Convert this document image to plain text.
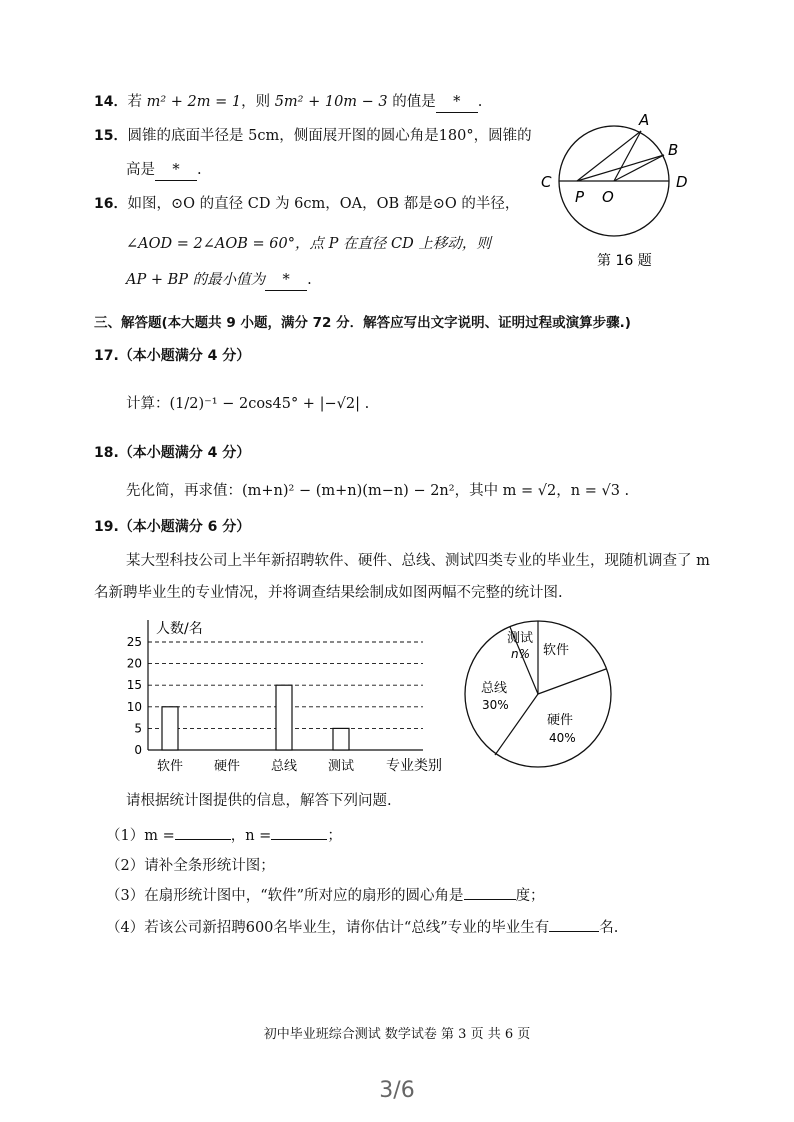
14．若 m² + 2m = 1，则 5m² + 10m − 3 的值是 * .
15．圆锥的底面半径是 5cm，侧面展开图的圆心角是180°，圆锥的
高是 * .
16．如图，⊙O 的直径 CD 为 6cm，OA，OB 都是⊙O 的半径，
∠AOD = 2∠AOB = 60°，点 P 在直径 CD 上移动，则
AP + BP 的最小值为 * .
A
B
C	D
P O
第 16 题
三、解答题(本大题共 9 小题，满分 72 分．解答应写出文字说明、证明过程或演算步骤.)
17.（本小题满分 4 分）
计算：(1/2)⁻¹ − 2cos45° + |−√2| .
18.（本小题满分 4 分）
先化简，再求值：(m+n)² − (m+n)(m−n) − 2n²，其中 m = √2，n = √3 .
19.（本小题满分 6 分）
某大型科技公司上半年新招聘软件、硬件、总线、测试四类专业的毕业生，现随机调查了 m
名新聘毕业生的专业情况，并将调查结果绘制成如图两幅不完整的统计图.
0
5
10
15
20
25
软件 硬件 总线 测试
人数/名
专业类别
软件
硬件
40%
总线
30%
测试
n%
请根据统计图提供的信息，解答下列问题.
（1）m =	，n =	；
（2）请补全条形统计图；
（3）在扇形统计图中，“软件”所对应的扇形的圆心角是	度；
（4）若该公司新招聘600名毕业生，请你估计“总线”专业的毕业生有	名.
初中毕业班综合测试 数学试卷 第 3 页 共 6 页
3/6
